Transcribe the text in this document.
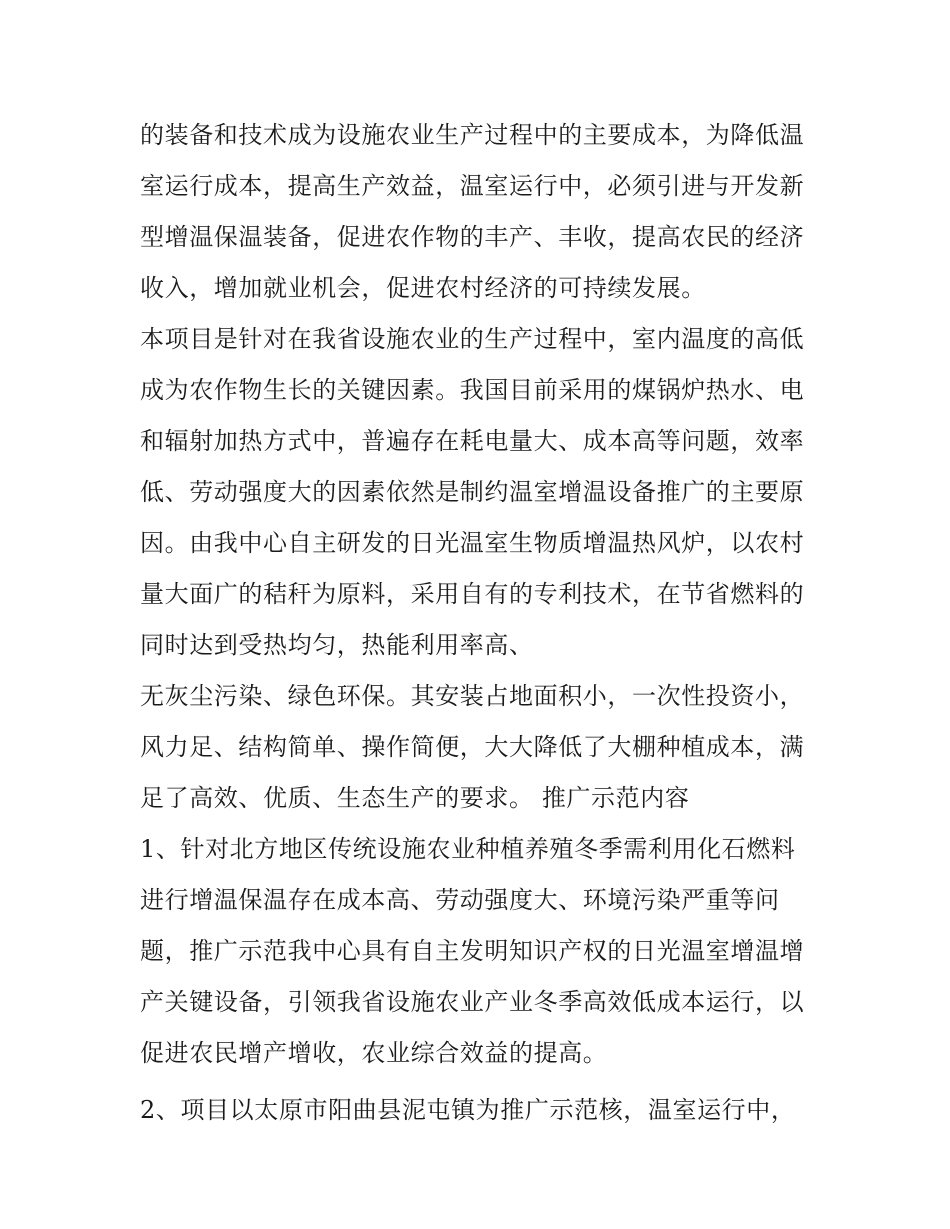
的装备和技术成为设施农业生产过程中的主要成本，为降低温
室运行成本，提高生产效益，温室运行中，必须引进与开发新
型增温保温装备，促进农作物的丰产、丰收，提高农民的经济
收入，增加就业机会，促进农村经济的可持续发展。
本项目是针对在我省设施农业的生产过程中，室内温度的高低
成为农作物生长的关键因素。我国目前采用的煤锅炉热水、电
和辐射加热方式中，普遍存在耗电量大、成本高等问题，效率
低、劳动强度大的因素依然是制约温室增温设备推广的主要原
因。由我中心自主研发的日光温室生物质增温热风炉，以农村
量大面广的秸秆为原料，采用自有的专利技术，在节省燃料的
同时达到受热均匀，热能利用率高、
无灰尘污染、绿色环保。其安装占地面积小，一次性投资小，
风力足、结构简单、操作简便，大大降低了大棚种植成本，满
足了高效、优质、生态生产的要求。 推广示范内容
1、针对北方地区传统设施农业种植养殖冬季需利用化石燃料
进行增温保温存在成本高、劳动强度大、环境污染严重等问
题，推广示范我中心具有自主发明知识产权的日光温室增温增
产关键设备，引领我省设施农业产业冬季高效低成本运行，以
促进农民增产增收，农业综合效益的提高。
2、项目以太原市阳曲县泥屯镇为推广示范核，温室运行中，
